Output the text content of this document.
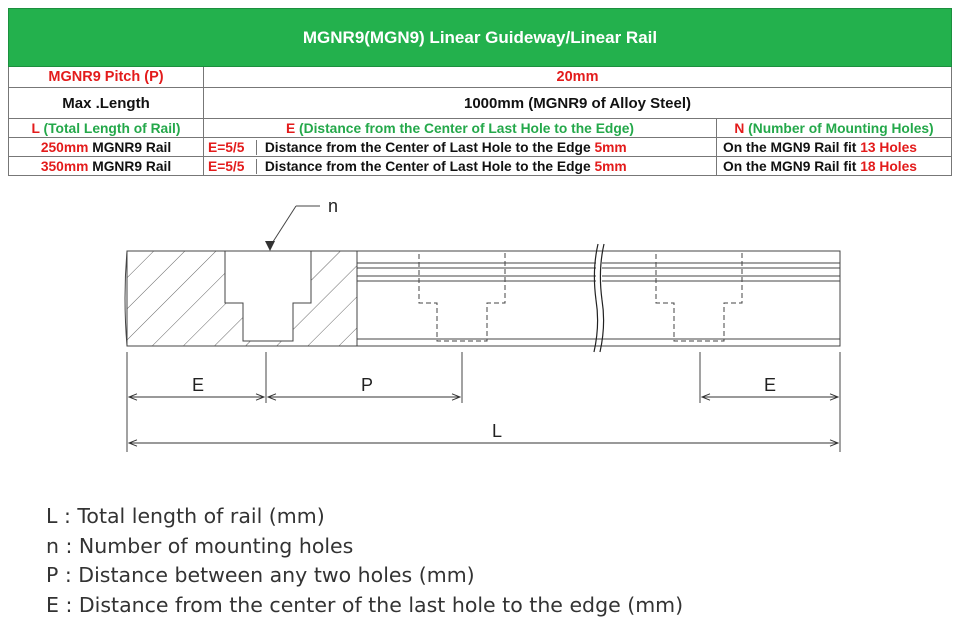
MGNR9(MGN9) Linear Guideway/Linear Rail		
MGNR9 Pitch (P)	20mm	
Max .Length	1000mm (MGNR9 of Alloy Steel)	
L (Total Length of Rail)	E (Distance from the Center of Last Hole to the Edge)	N (Number of Mounting Holes)
250mm MGNR9 Rail	E=5/5 Distance from the Center of Last Hole to the Edge 5mm	On the MGN9 Rail fit 13 Holes
350mm MGNR9 Rail	E=5/5 Distance from the Center of Last Hole to the Edge 5mm	On the MGN9 Rail fit 18 Holes
n
E	P	E
L
L : Total length of rail (mm)
n : Number of mounting holes
P : Distance between any two holes (mm)
E : Distance from the center of the last hole to the edge (mm)
